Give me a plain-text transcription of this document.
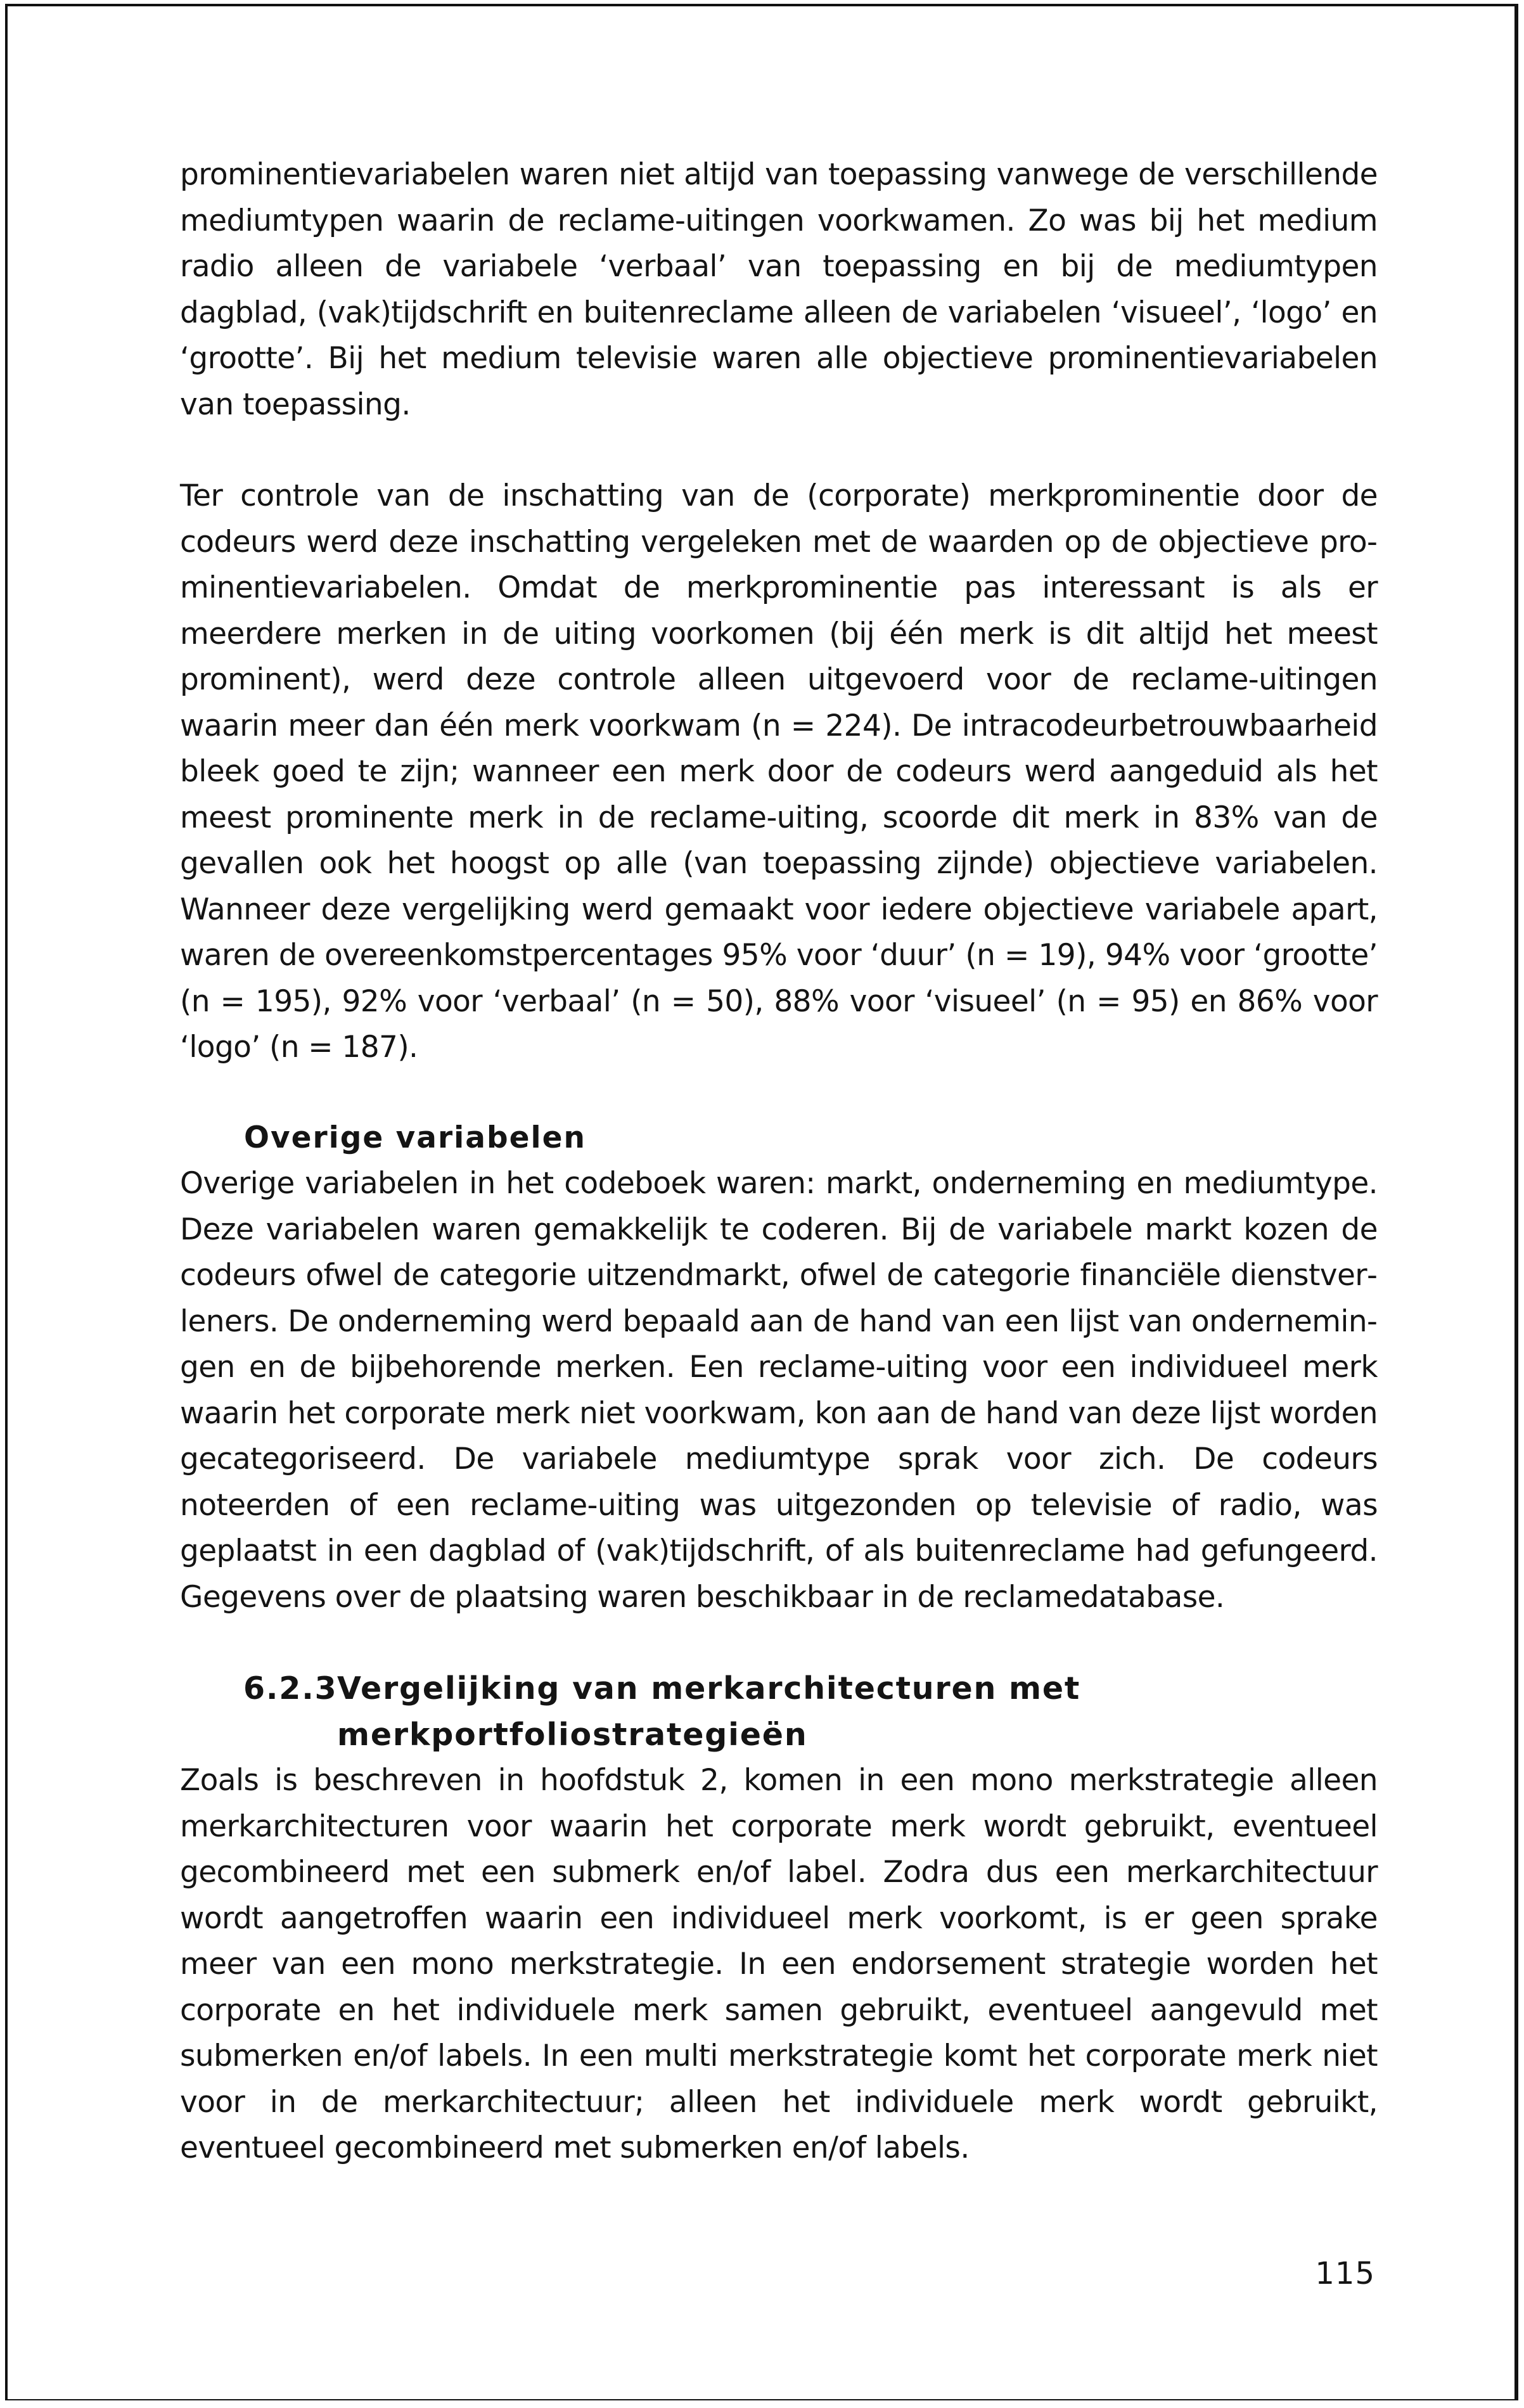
prominentievariabelen waren niet altijd van toepassing vanwege de verschillende mediumtypen waarin de reclame-uitingen voorkwamen. Zo was bij het medium radio alleen de variabele ‘verbaal’ van toepassing en bij de mediumtypen dagblad, (vak)tijdschrift en buitenreclame alleen de variabelen ‘visueel’, ‘logo’ en ‘grootte’. Bij het medium televisie waren alle objectieve prominentievariabelen van toepassing.

Ter controle van de inschatting van de (corporate) merkprominentie door de codeurs werd deze inschatting vergeleken met de waarden op de objectieve prominentievariabelen. Omdat de merkprominentie pas interessant is als er meerdere merken in de uiting voorkomen (bij één merk is dit altijd het meest prominent), werd deze controle alleen uitgevoerd voor de reclame-uitingen waarin meer dan één merk voorkwam (n = 224). De intracodeurbetrouwbaarheid bleek goed te zijn; wanneer een merk door de codeurs werd aangeduid als het meest prominente merk in de reclame-uiting, scoorde dit merk in 83% van de gevallen ook het hoogst op alle (van toepassing zijnde) objectieve variabelen. Wanneer deze vergelijking werd gemaakt voor iedere objectieve variabele apart, waren de overeenkomstpercentages 95% voor ‘duur’ (n = 19), 94% voor ‘grootte’ (n = 195), 92% voor ‘verbaal’ (n = 50), 88% voor ‘visueel’ (n = 95) en 86% voor ‘logo’ (n = 187).

Overige variabelen

Overige variabelen in het codeboek waren: markt, onderneming en mediumtype. Deze variabelen waren gemakkelijk te coderen. Bij de variabele markt kozen de codeurs ofwel de categorie uitzendmarkt, ofwel de categorie financiële dienstverleners. De onderneming werd bepaald aan de hand van een lijst van ondernemingen en de bijbehorende merken. Een reclame-uiting voor een individueel merk waarin het corporate merk niet voorkwam, kon aan de hand van deze lijst worden gecategoriseerd. De variabele mediumtype sprak voor zich. De codeurs noteerden of een reclame-uiting was uitgezonden op televisie of radio, was geplaatst in een dagblad of (vak)tijdschrift, of als buitenreclame had gefungeerd. Gegevens over de plaatsing waren beschikbaar in de reclamedatabase.

6.2.3 Vergelijking van merkarchitecturen met merkportfoliostrategieën

Zoals is beschreven in hoofdstuk 2, komen in een mono merkstrategie alleen merkarchitecturen voor waarin het corporate merk wordt gebruikt, eventueel gecombineerd met een submerk en/of label. Zodra dus een merkarchitectuur wordt aangetroffen waarin een individueel merk voorkomt, is er geen sprake meer van een mono merkstrategie. In een endorsement strategie worden het corporate en het individuele merk samen gebruikt, eventueel aangevuld met submerken en/of labels. In een multi merkstrategie komt het corporate merk niet voor in de merkarchitectuur; alleen het individuele merk wordt gebruikt, eventueel gecombineerd met submerken en/of labels.

115
